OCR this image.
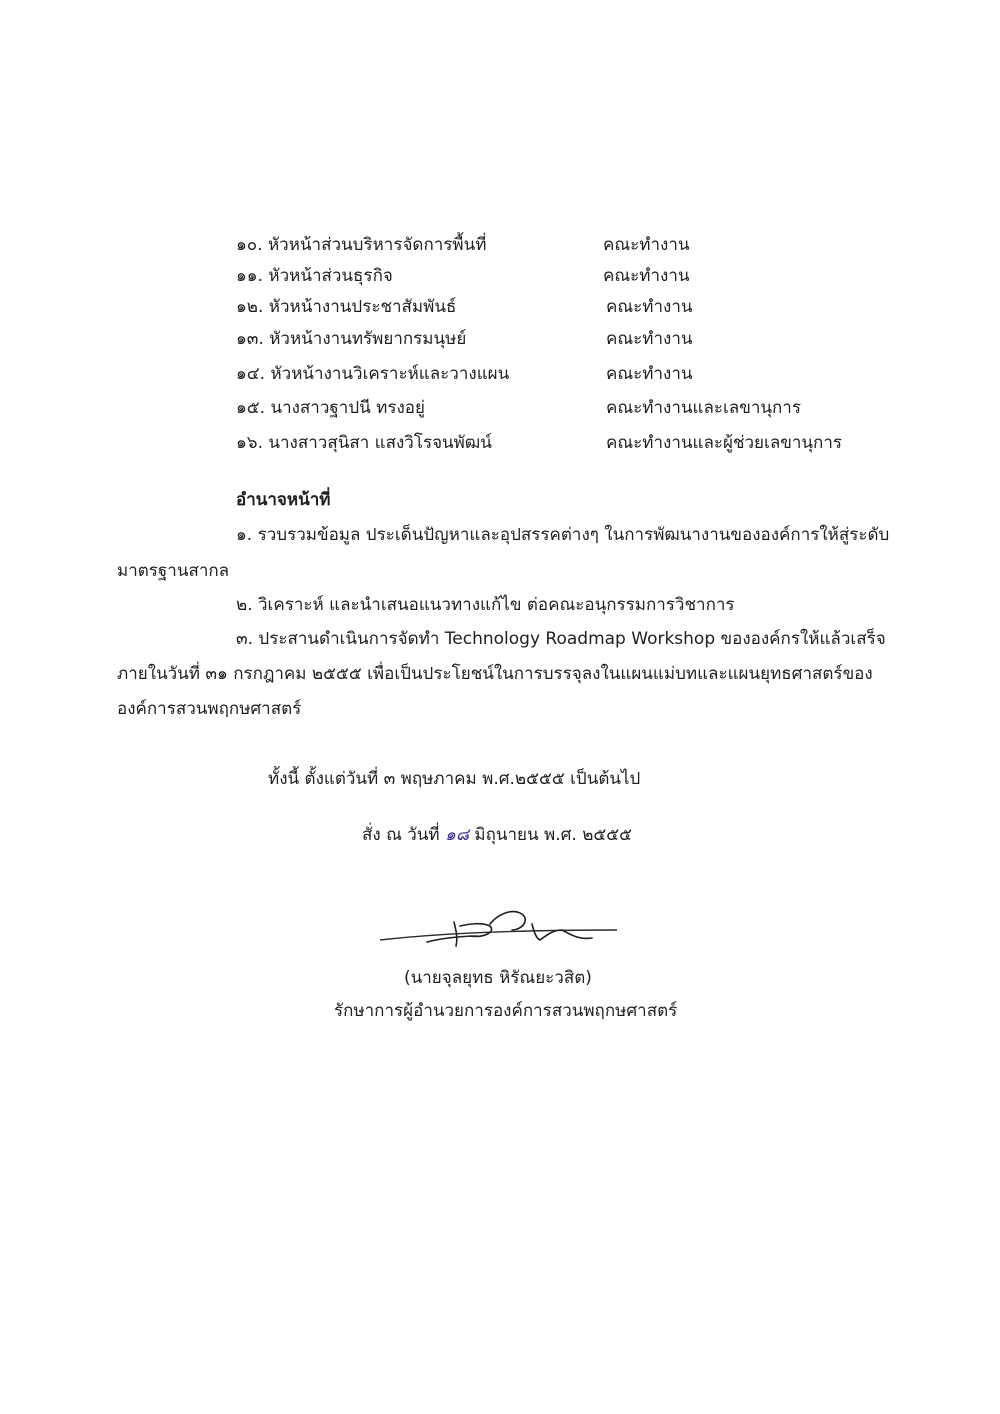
๑๐. หัวหน้าส่วนบริหารจัดการพื้นที่	คณะทำงาน
๑๑. หัวหน้าส่วนธุรกิจ	คณะทำงาน
๑๒. หัวหน้างานประชาสัมพันธ์	คณะทำงาน
๑๓. หัวหน้างานทรัพยากรมนุษย์	คณะทำงาน
๑๔. หัวหน้างานวิเคราะห์และวางแผน	คณะทำงาน
๑๕. นางสาวฐาปนี ทรงอยู่	คณะทำงานและเลขานุการ
๑๖. นางสาวสุนิสา แสงวิโรจนพัฒน์	คณะทำงานและผู้ช่วยเลขานุการ
อำนาจหน้าที่
๑. รวบรวมข้อมูล ประเด็นปัญหาและอุปสรรคต่างๆ ในการพัฒนางานขององค์การให้สู่ระดับ
มาตรฐานสากล
๒. วิเคราะห์ และนำเสนอแนวทางแก้ไข ต่อคณะอนุกรรมการวิชาการ
๓. ประสานดำเนินการจัดทำ Technology Roadmap Workshop ขององค์กรให้แล้วเสร็จ
ภายในวันที่ ๓๑ กรกฎาคม ๒๕๕๕ เพื่อเป็นประโยชน์ในการบรรจุลงในแผนแม่บทและแผนยุทธศาสตร์ของ
องค์การสวนพฤกษศาสตร์
ทั้งนี้ ตั้งแต่วันที่ ๓ พฤษภาคม พ.ศ.๒๕๕๕ เป็นต้นไป
สั่ง ณ วันที่ ๑๘ มิถุนายน พ.ศ. ๒๕๕๕
(นายจุลยุทธ หิรัณยะวสิต)
รักษาการผู้อำนวยการองค์การสวนพฤกษศาสตร์
